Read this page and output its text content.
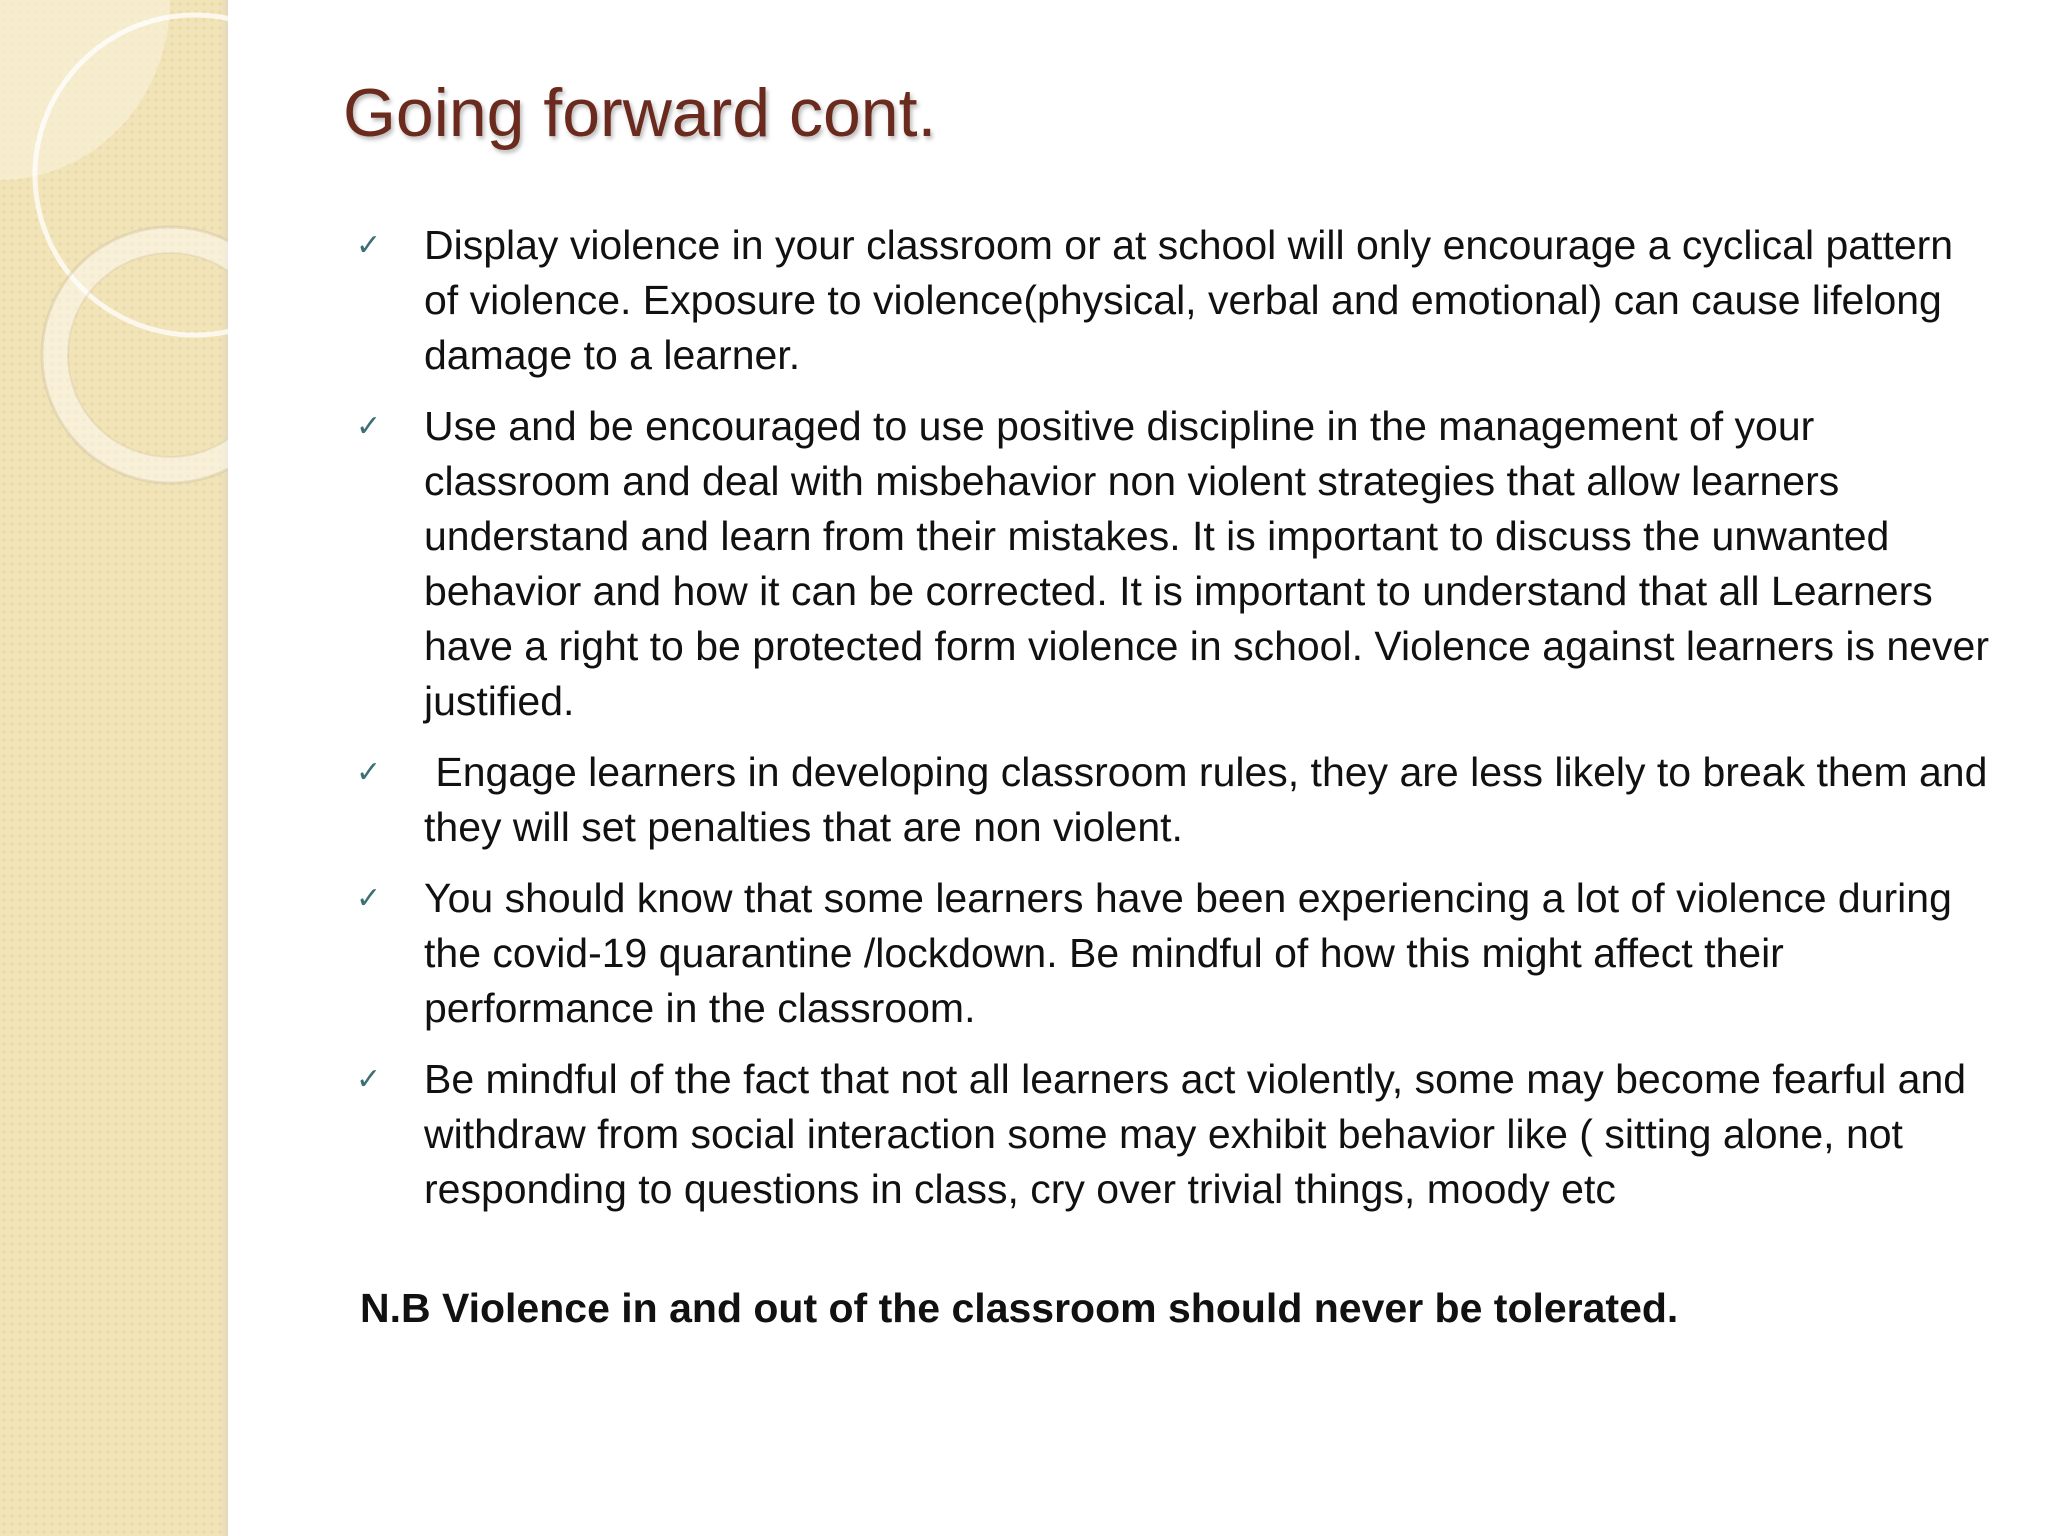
Going forward cont.
✓ Display violence in your classroom or at school will only encourage a cyclical pattern of violence. Exposure to violence(physical, verbal and emotional) can cause lifelong damage to a learner.
✓ Use and be encouraged to use positive discipline in the management of your classroom and deal with misbehavior non violent strategies that allow learners understand and learn from their mistakes. It is important to discuss the unwanted behavior and how it can be corrected. It is important to understand that all Learners have a right to be protected form violence in school. Violence against learners is never justified.
✓ Engage learners in developing classroom rules, they are less likely to break them and they will set penalties that are non violent.
✓ You should know that some learners have been experiencing a lot of violence during the covid-19 quarantine /lockdown. Be mindful of how this might affect their performance in the classroom.
✓ Be mindful of the fact that not all learners act violently, some may become fearful and withdraw from social interaction some may exhibit behavior like ( sitting alone, not responding to questions in class, cry over trivial things, moody etc
N.B Violence in and out of the classroom should never be tolerated.
